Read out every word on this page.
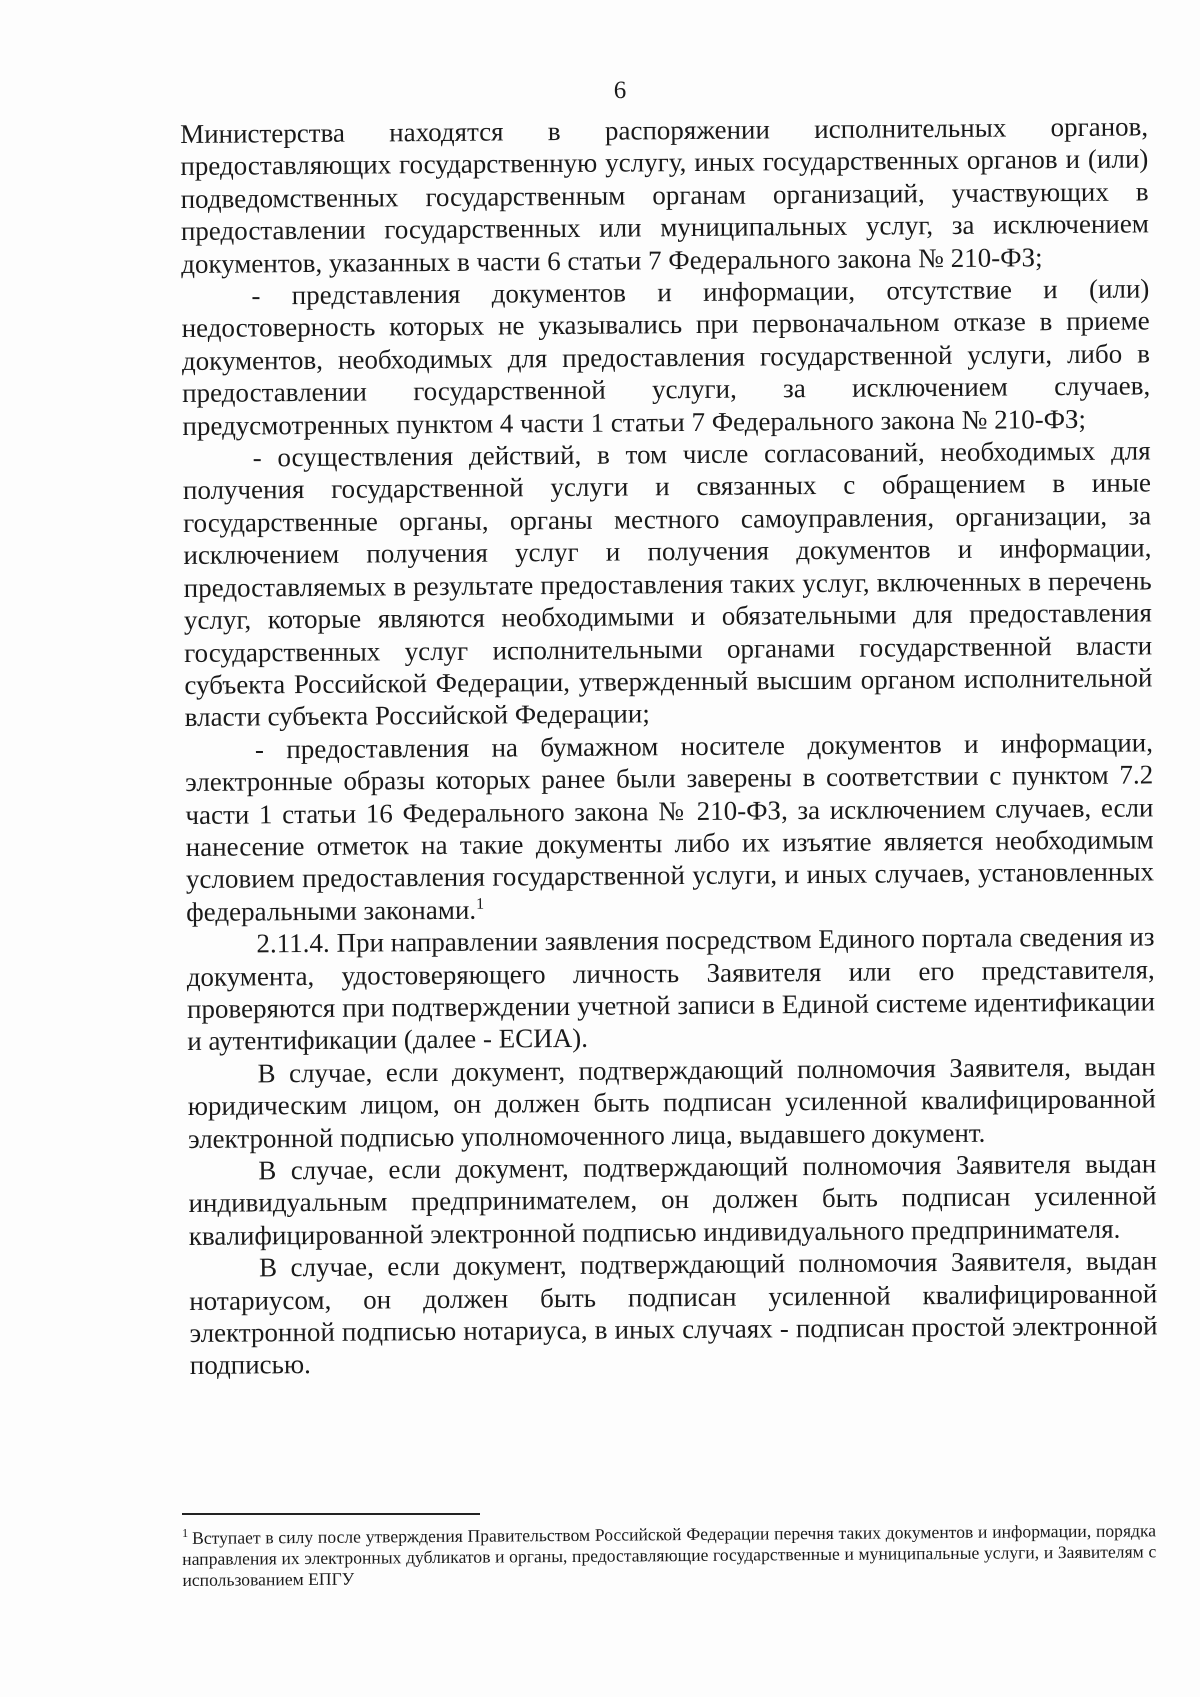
6

Министерства находятся в распоряжении исполнительных органов, предоставляющих государственную услугу, иных государственных органов и (или) подведомственных государственным органам организаций, участвующих в предоставлении государственных или муниципальных услуг, за исключением документов, указанных в части 6 статьи 7 Федерального закона № 210-ФЗ;

- представления документов и информации, отсутствие и (или) недостоверность которых не указывались при первоначальном отказе в приеме документов, необходимых для предоставления государственной услуги, либо в предоставлении государственной услуги, за исключением случаев, предусмотренных пунктом 4 части 1 статьи 7 Федерального закона № 210-ФЗ;

- осуществления действий, в том числе согласований, необходимых для получения государственной услуги и связанных с обращением в иные государственные органы, органы местного самоуправления, организации, за исключением получения услуг и получения документов и информации, предоставляемых в результате предоставления таких услуг, включенных в перечень услуг, которые являются необходимыми и обязательными для предоставления государственных услуг исполнительными органами государственной власти субъекта Российской Федерации, утвержденный высшим органом исполнительной власти субъекта Российской Федерации;

- предоставления на бумажном носителе документов и информации, электронные образы которых ранее были заверены в соответствии с пунктом 7.2 части 1 статьи 16 Федерального закона № 210-ФЗ, за исключением случаев, если нанесение отметок на такие документы либо их изъятие является необходимым условием предоставления государственной услуги, и иных случаев, установленных федеральными законами.$^1$

2.11.4. При направлении заявления посредством Единого портала сведения из документа, удостоверяющего личность Заявителя или его представителя, проверяются при подтверждении учетной записи в Единой системе идентификации и аутентификации (далее - ЕСИА).

В случае, если документ, подтверждающий полномочия Заявителя, выдан юридическим лицом, он должен быть подписан усиленной квалифицированной электронной подписью уполномоченного лица, выдавшего документ.

В случае, если документ, подтверждающий полномочия Заявителя выдан индивидуальным предпринимателем, он должен быть подписан усиленной квалифицированной электронной подписью индивидуального предпринимателя.

В случае, если документ, подтверждающий полномочия Заявителя, выдан нотариусом, он должен быть подписан усиленной квалифицированной электронной подписью нотариуса, в иных случаях - подписан простой электронной подписью.

$^1$ Вступает в силу после утверждения Правительством Российской Федерации перечня таких документов и информации, порядка направления их электронных дубликатов и органы, предоставляющие государственные и муниципальные услуги, и Заявителям с использованием ЕПГУ
